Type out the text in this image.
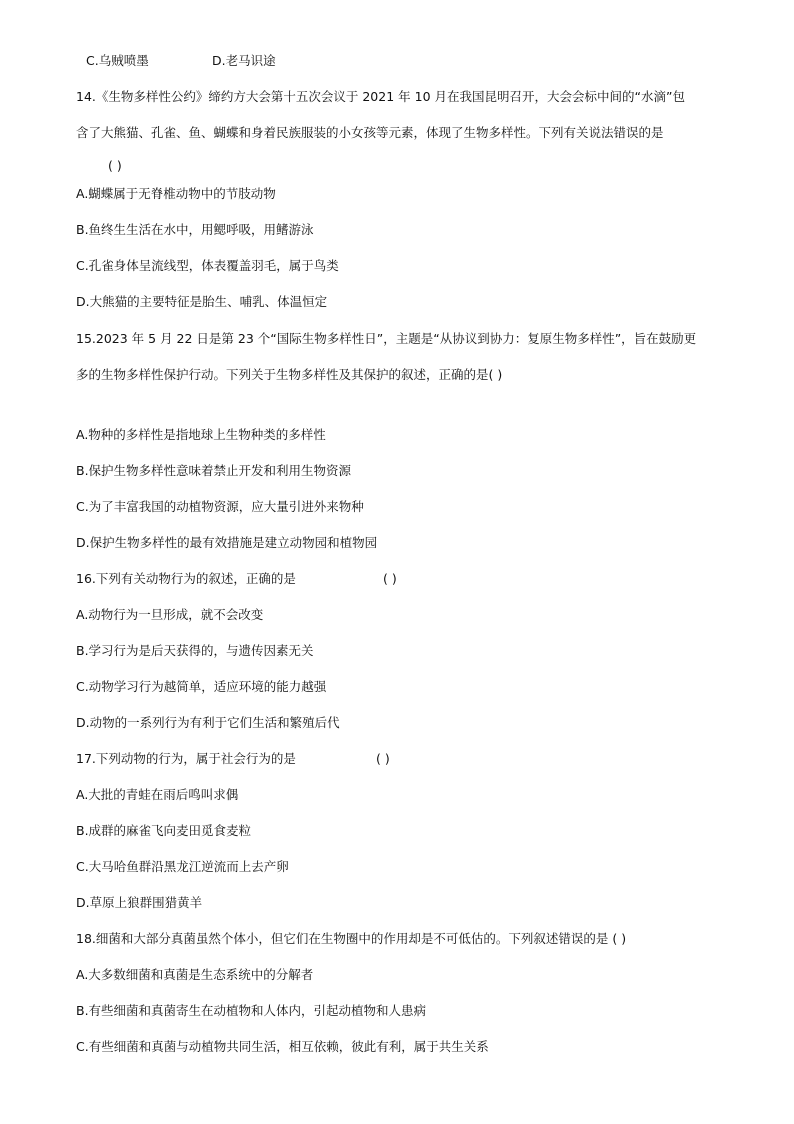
C.乌贼喷墨	D.老马识途
14.《生物多样性公约》缔约方大会第十五次会议于 2021 年 10 月在我国昆明召开，大会会标中间的“水滴”包
含了大熊猫、孔雀、鱼、蝴蝶和身着民族服装的小女孩等元素，体现了生物多样性。下列有关说法错误的是
( )
A.蝴蝶属于无脊椎动物中的节肢动物
B.鱼终生生活在水中，用鳃呼吸，用鳍游泳
C.孔雀身体呈流线型，体表覆盖羽毛，属于鸟类
D.大熊猫的主要特征是胎生、哺乳、体温恒定
15.2023 年 5 月 22 日是第 23 个“国际生物多样性日”，主题是“从协议到协力：复原生物多样性”，旨在鼓励更
多的生物多样性保护行动。下列关于生物多样性及其保护的叙述，正确的是( )
A.物种的多样性是指地球上生物种类的多样性
B.保护生物多样性意味着禁止开发和利用生物资源
C.为了丰富我国的动植物资源，应大量引进外来物种
D.保护生物多样性的最有效措施是建立动物园和植物园
16.下列有关动物行为的叙述，正确的是	( )
A.动物行为一旦形成，就不会改变
B.学习行为是后天获得的，与遗传因素无关
C.动物学习行为越简单，适应环境的能力越强
D.动物的一系列行为有利于它们生活和繁殖后代
17.下列动物的行为，属于社会行为的是	( )
A.大批的青蛙在雨后鸣叫求偶
B.成群的麻雀飞向麦田觅食麦粒
C.大马哈鱼群沿黑龙江逆流而上去产卵
D.草原上狼群围猎黄羊
18.细菌和大部分真菌虽然个体小，但它们在生物圈中的作用却是不可低估的。下列叙述错误的是 ( )
A.大多数细菌和真菌是生态系统中的分解者
B.有些细菌和真菌寄生在动植物和人体内，引起动植物和人患病
C.有些细菌和真菌与动植物共同生活，相互依赖，彼此有利，属于共生关系
